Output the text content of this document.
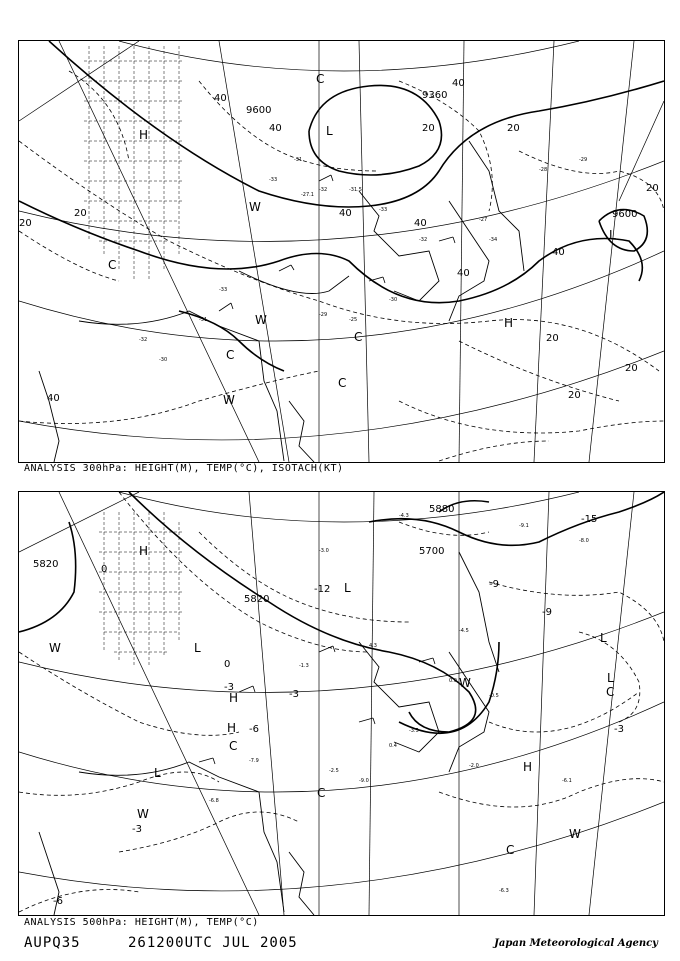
9360
9600
9600
40
40
40
40
20	20
20
20
40
40
40
20
20
20
20
40
H
C
W
C
L
C
W
W
C
H
L
C
-33
-31
-32
-27.1
-31.5
-33
-32
-27
-34
-30
-29
-25
-33
-31
-32
-30
-28
-29
ANALYSIS 300hPa: HEIGHT(M), TEMP(°C), ISOTACH(KT)
5820
5880
5700
5820
-15
-9
-9
-12
-3
-6
0
-3
-6
0
-3
-3
H
W	L
L
H
C
H
L
W
W
L
C
H
W
C
C
L
-9.1
-4.3
-3.0
4.3
0.0
-1.3
-7.9
-6.8
-2.5
-9.0
0.4
-3.5
-2.0
-0.5
-4.5
-6.1
-6.3
-8.0
ANALYSIS 500hPa: HEIGHT(M), TEMP(°C)
AUPQ35	261200UTC JUL 2005	Japan Meteorological Agency
